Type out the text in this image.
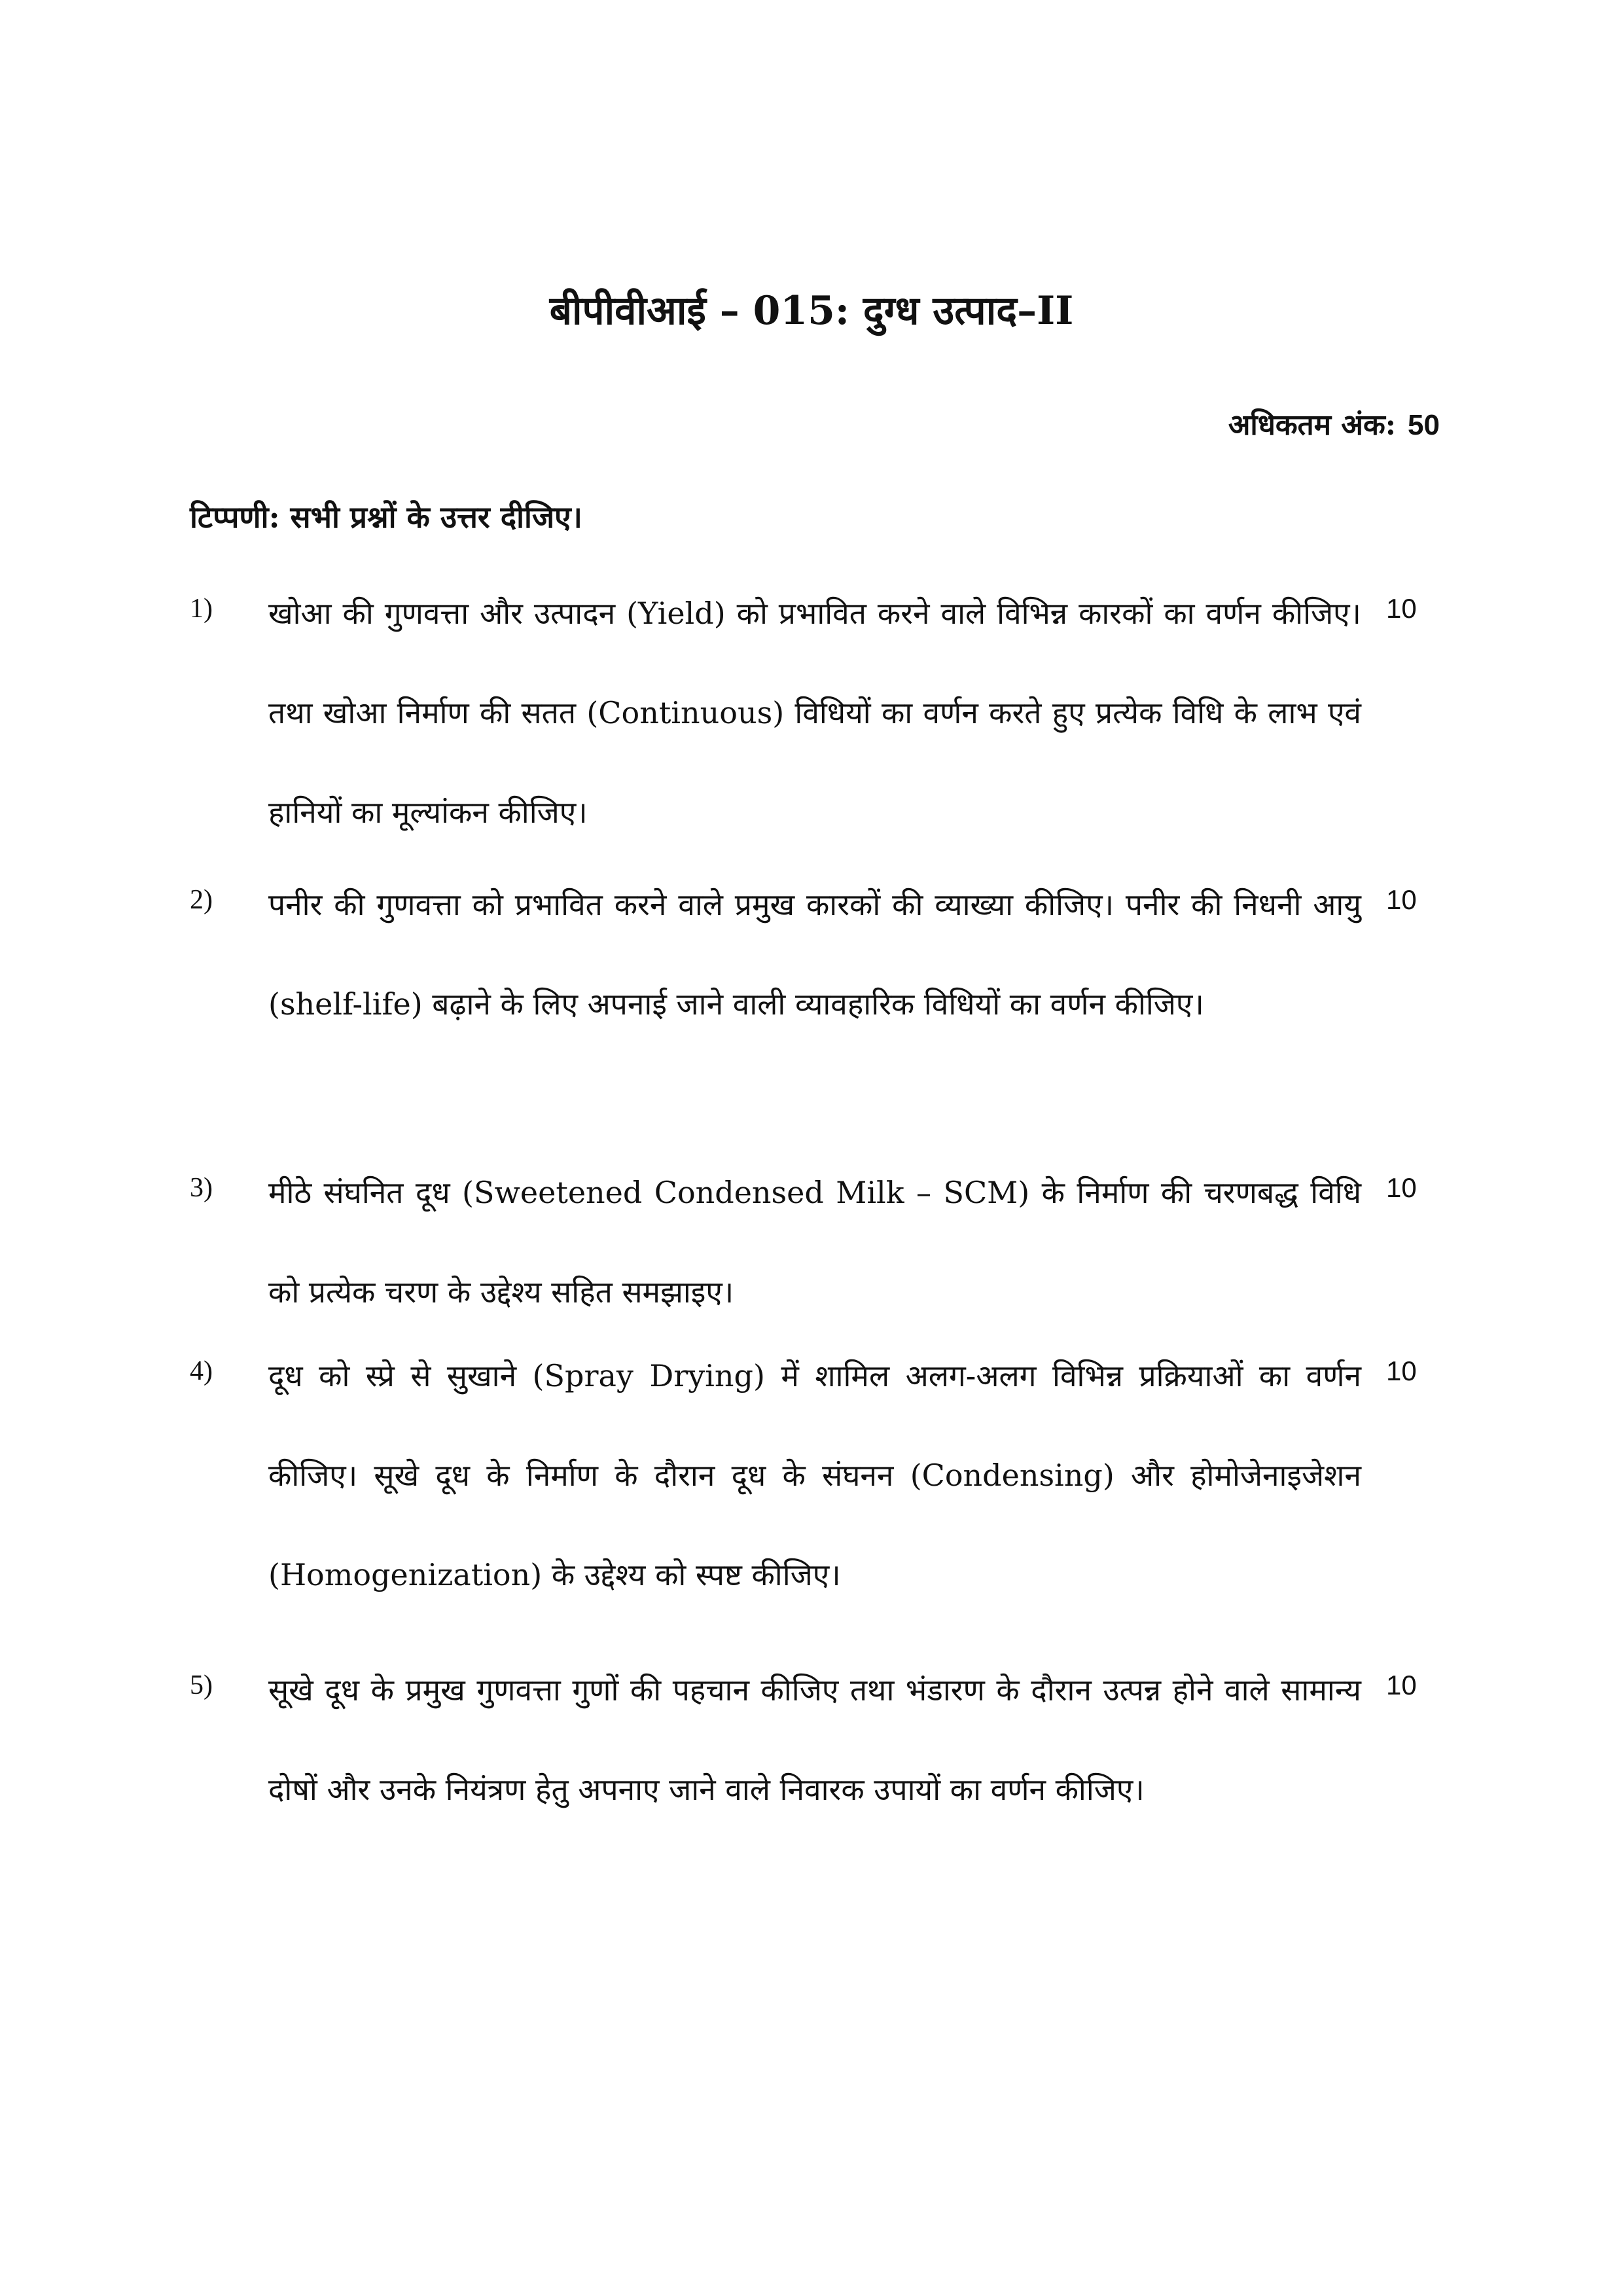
बीपीवीआई – 015: दुग्ध उत्पाद–II
अधिकतम अंक: 50
टिप्पणी: सभी प्रश्नों के उत्तर दीजिए।
1) खोआ की गुणवत्ता और उत्पादन (Yield) को प्रभावित करने वाले विभिन्न कारकों का वर्णन कीजिए। तथा खोआ निर्माण की सतत (Continuous) विधियों का वर्णन करते हुए प्रत्येक विधि के लाभ एवं हानियों का मूल्यांकन कीजिए।
10
2) पनीर की गुणवत्ता को प्रभावित करने वाले प्रमुख कारकों की व्याख्या कीजिए। पनीर की निधनी आयु (shelf-life) बढ़ाने के लिए अपनाई जाने वाली व्यावहारिक विधियों का वर्णन कीजिए।
10
3) मीठे संघनित दूध (Sweetened Condensed Milk – SCM) के निर्माण की चरणबद्ध विधि को प्रत्येक चरण के उद्देश्य सहित समझाइए।
10
4) दूध को स्प्रे से सुखाने (Spray Drying) में शामिल अलग-अलग विभिन्न प्रक्रियाओं का वर्णन कीजिए। सूखे दूध के निर्माण के दौरान दूध के संघनन (Condensing) और होमोजेनाइजेशन (Homogenization) के उद्देश्य को स्पष्ट कीजिए।
10
5) सूखे दूध के प्रमुख गुणवत्ता गुणों की पहचान कीजिए तथा भंडारण के दौरान उत्पन्न होने वाले सामान्य दोषों और उनके नियंत्रण हेतु अपनाए जाने वाले निवारक उपायों का वर्णन कीजिए।
10
